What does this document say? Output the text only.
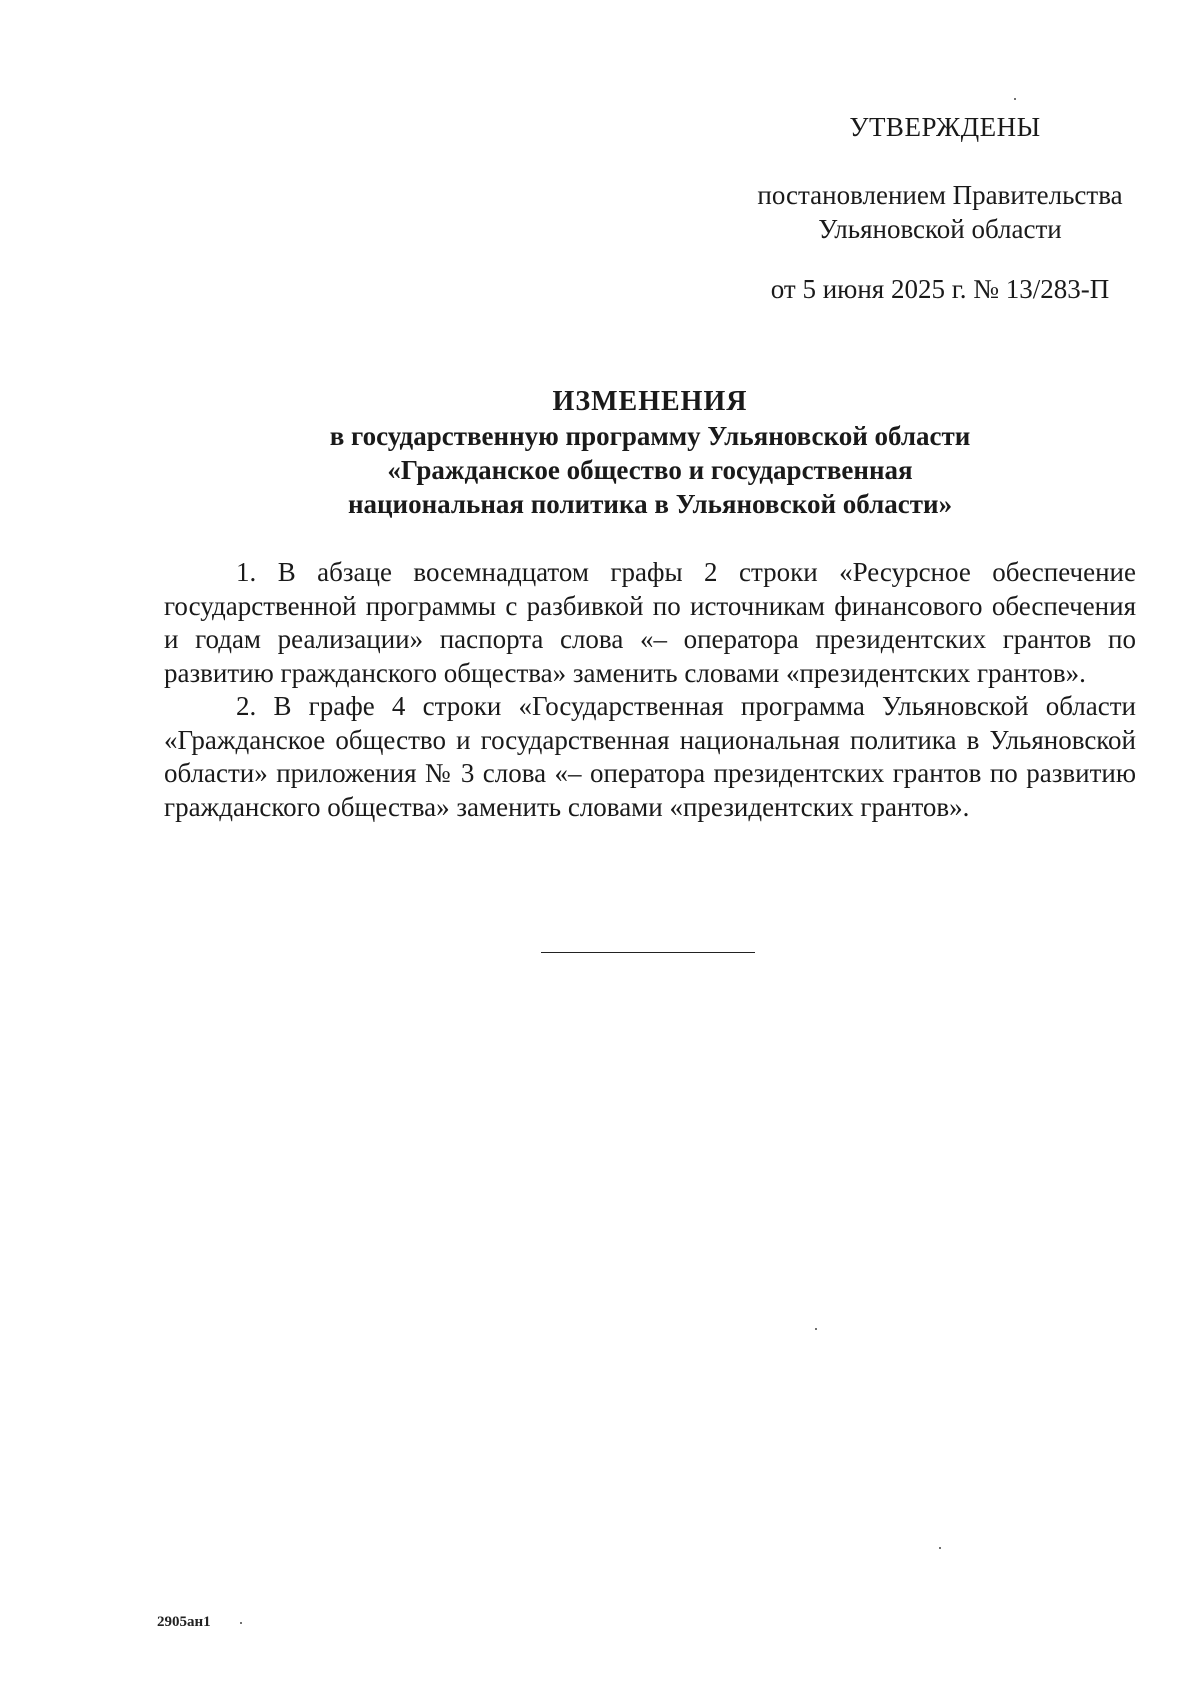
УТВЕРЖДЕНЫ
постановлением Правительства
Ульяновской области
от 5 июня 2025 г. № 13/283-П
ИЗМЕНЕНИЯ
в государственную программу Ульяновской области
«Гражданское общество и государственная
национальная политика в Ульяновской области»

1. В абзаце восемнадцатом графы 2 строки «Ресурсное обеспечение государственной программы с разбивкой по источникам финансового обеспечения и годам реализации» паспорта слова «– оператора президентских грантов по развитию гражданского общества» заменить словами «президентских грантов».

2. В графе 4 строки «Государственная программа Ульяновской области «Гражданское общество и государственная национальная политика в Ульяновской области» приложения № 3 слова «– оператора президентских грантов по развитию гражданского общества» заменить словами «президентских грантов».

2905ан1
